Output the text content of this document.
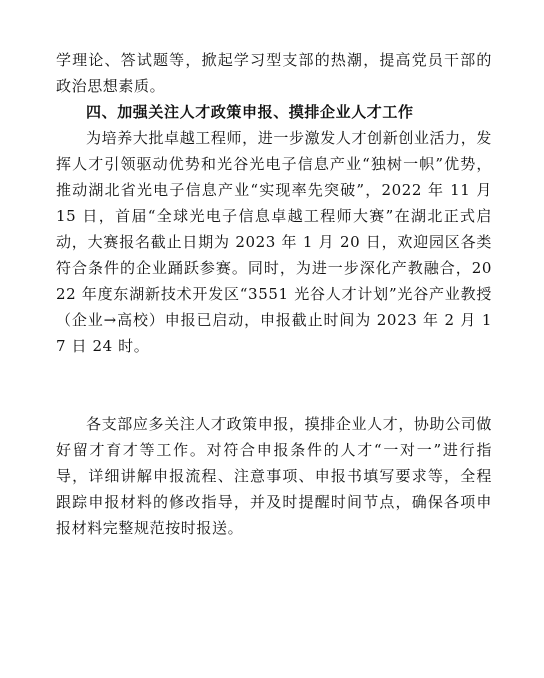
学理论、答试题等，掀起学习型支部的热潮，提高党员干部的政治思想素质。

四、加强关注人才政策申报、摸排企业人才工作

为培养大批卓越工程师，进一步激发人才创新创业活力，发挥人才引领驱动优势和光谷光电子信息产业“独树一帜”优势，推动湖北省光电子信息产业“实现率先突破”，2022 年 11 月 15 日，首届“全球光电子信息卓越工程师大赛”在湖北正式启动，大赛报名截止日期为 2023 年 1 月 20 日，欢迎园区各类符合条件的企业踊跃参赛。同时，为进一步深化产教融合，2022 年度东湖新技术开发区“3551 光谷人才计划”光谷产业教授（企业→高校）申报已启动，申报截止时间为 2023 年 2 月 17 日 24 时。

各支部应多关注人才政策申报，摸排企业人才，协助公司做好留才育才等工作。对符合申报条件的人才“一对一”进行指导，详细讲解申报流程、注意事项、申报书填写要求等，全程跟踪申报材料的修改指导，并及时提醒时间节点，确保各项申报材料完整规范按时报送。
